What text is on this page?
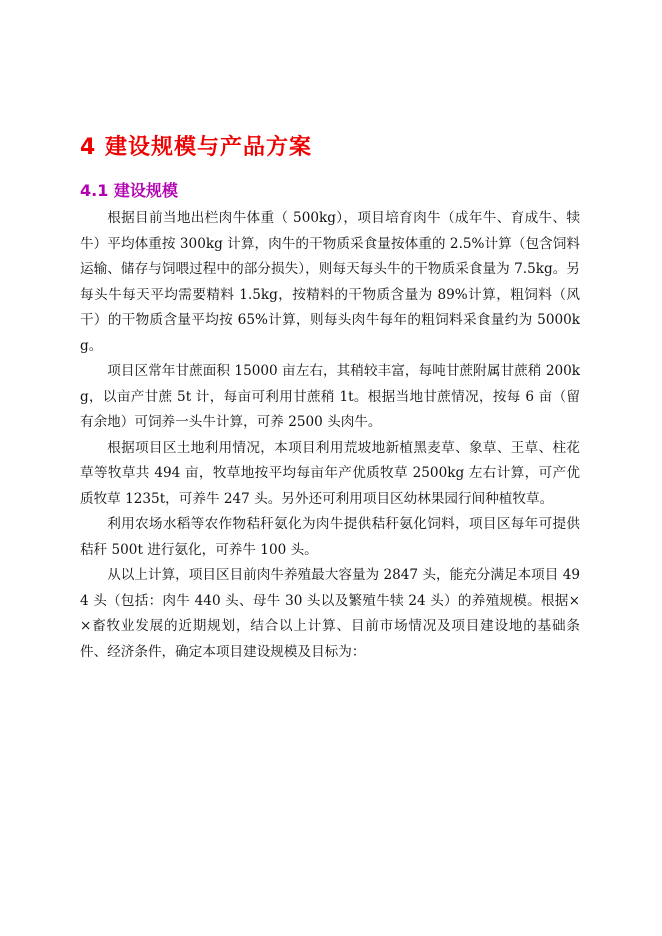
4 建设规模与产品方案
4.1 建设规模

根据目前当地出栏肉牛体重（ 500kg），项目培育肉牛（成年牛、育成牛、犊牛）平均体重按 300kg 计算，肉牛的干物质采食量按体重的 2.5%计算（包含饲料运输、储存与饲喂过程中的部分损失），则每天每头牛的干物质采食量为 7.5kg。另每头牛每天平均需要精料 1.5kg，按精料的干物质含量为 89%计算，粗饲料（风干）的干物质含量平均按 65%计算，则每头肉牛每年的粗饲料采食量约为 5000kg。

项目区常年甘蔗面积 15000 亩左右，其稍较丰富，每吨甘蔗附属甘蔗稍 200kg，以亩产甘蔗 5t 计，每亩可利用甘蔗稍 1t。根据当地甘蔗情况，按每 6 亩（留有余地）可饲养一头牛计算，可养 2500 头肉牛。

根据项目区土地利用情况，本项目利用荒坡地新植黑麦草、象草、王草、柱花草等牧草共 494 亩，牧草地按平均每亩年产优质牧草 2500kg 左右计算，可产优质牧草 1235t，可养牛 247 头。另外还可利用项目区幼林果园行间种植牧草。

利用农场水稻等农作物秸秆氨化为肉牛提供秸秆氨化饲料，项目区每年可提供秸秆 500t 进行氨化，可养牛 100 头。

从以上计算，项目区目前肉牛养殖最大容量为 2847 头，能充分满足本项目 494 头（包括：肉牛 440 头、母牛 30 头以及繁殖牛犊 24 头）的养殖规模。根据××畜牧业发展的近期规划，结合以上计算、目前市场情况及项目建设地的基础条件、经济条件，确定本项目建设规模及目标为：
